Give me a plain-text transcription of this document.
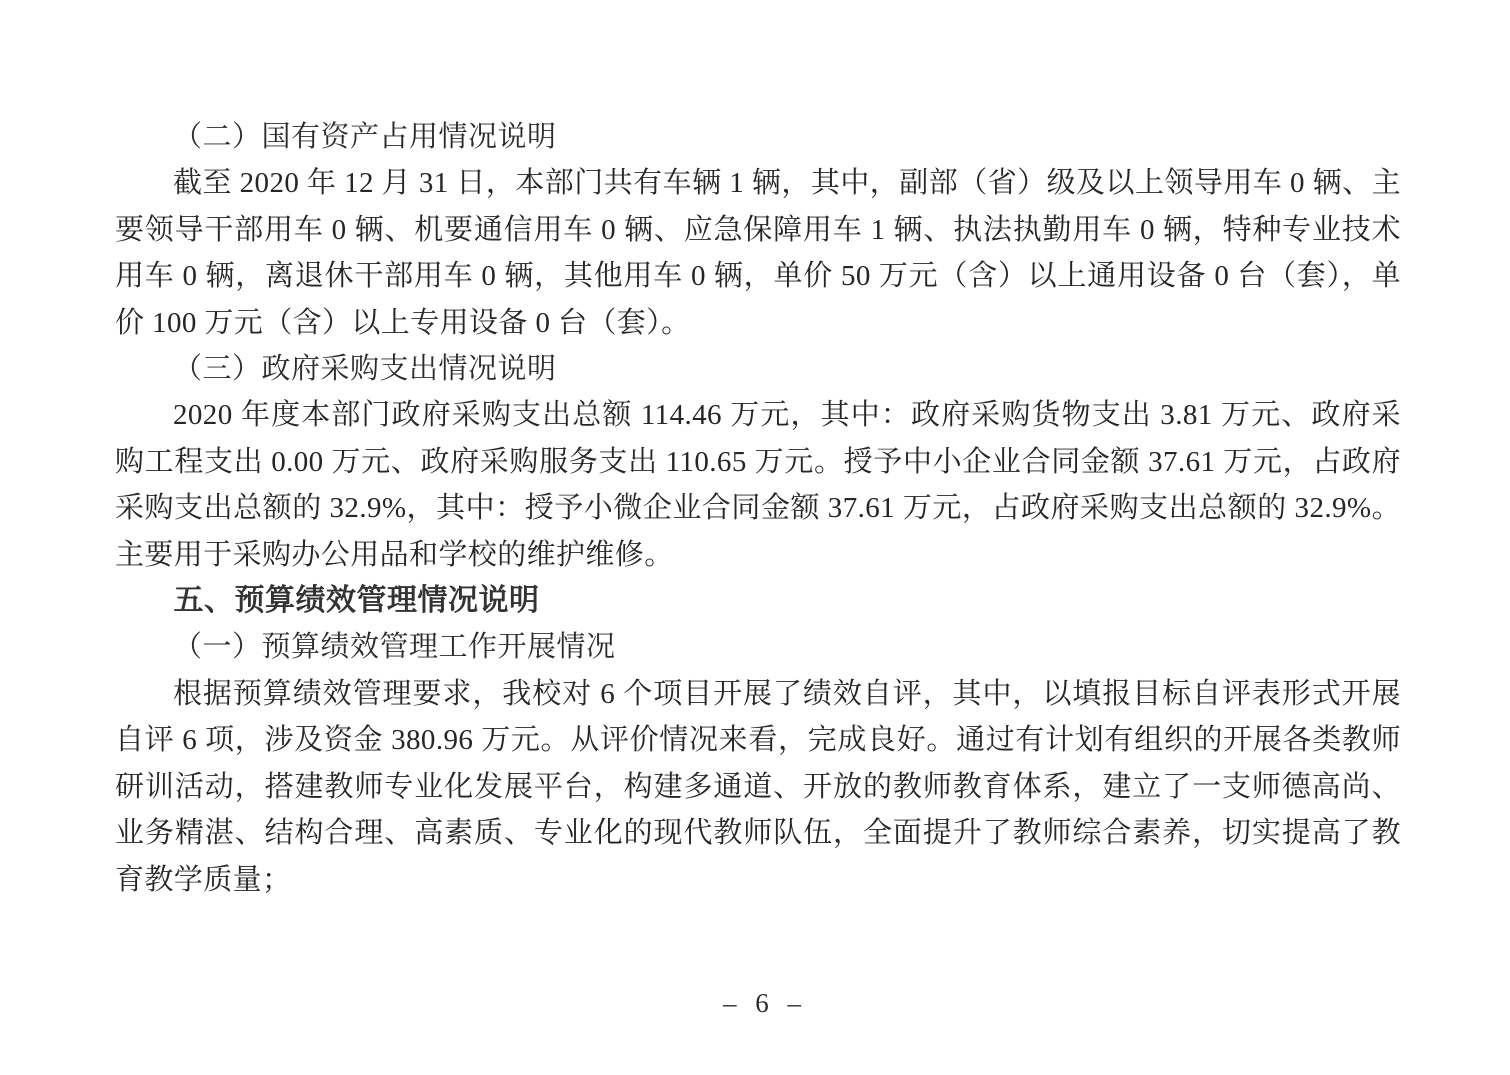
（二）国有资产占用情况说明

截至 2020 年 12 月 31 日，本部门共有车辆 1 辆，其中，副部（省）级及以上领导用车 0 辆、主要领导干部用车 0 辆、机要通信用车 0 辆、应急保障用车 1 辆、执法执勤用车 0 辆，特种专业技术用车 0 辆，离退休干部用车 0 辆，其他用车 0 辆，单价 50 万元（含）以上通用设备 0 台（套），单价 100 万元（含）以上专用设备 0 台（套）。

（三）政府采购支出情况说明

2020 年度本部门政府采购支出总额 114.46 万元，其中：政府采购货物支出 3.81 万元、政府采购工程支出 0.00 万元、政府采购服务支出 110.65 万元。授予中小企业合同金额 37.61 万元，占政府采购支出总额的 32.9%，其中：授予小微企业合同金额 37.61 万元，占政府采购支出总额的 32.9%。主要用于采购办公用品和学校的维护维修。

五、预算绩效管理情况说明
（一）预算绩效管理工作开展情况

根据预算绩效管理要求，我校对 6 个项目开展了绩效自评，其中，以填报目标自评表形式开展自评 6 项，涉及资金 380.96 万元。从评价情况来看，完成良好。通过有计划有组织的开展各类教师研训活动，搭建教师专业化发展平台，构建多通道、开放的教师教育体系，建立了一支师德高尚、业务精湛、结构合理、高素质、专业化的现代教师队伍，全面提升了教师综合素养，切实提高了教育教学质量；

– 6 –
